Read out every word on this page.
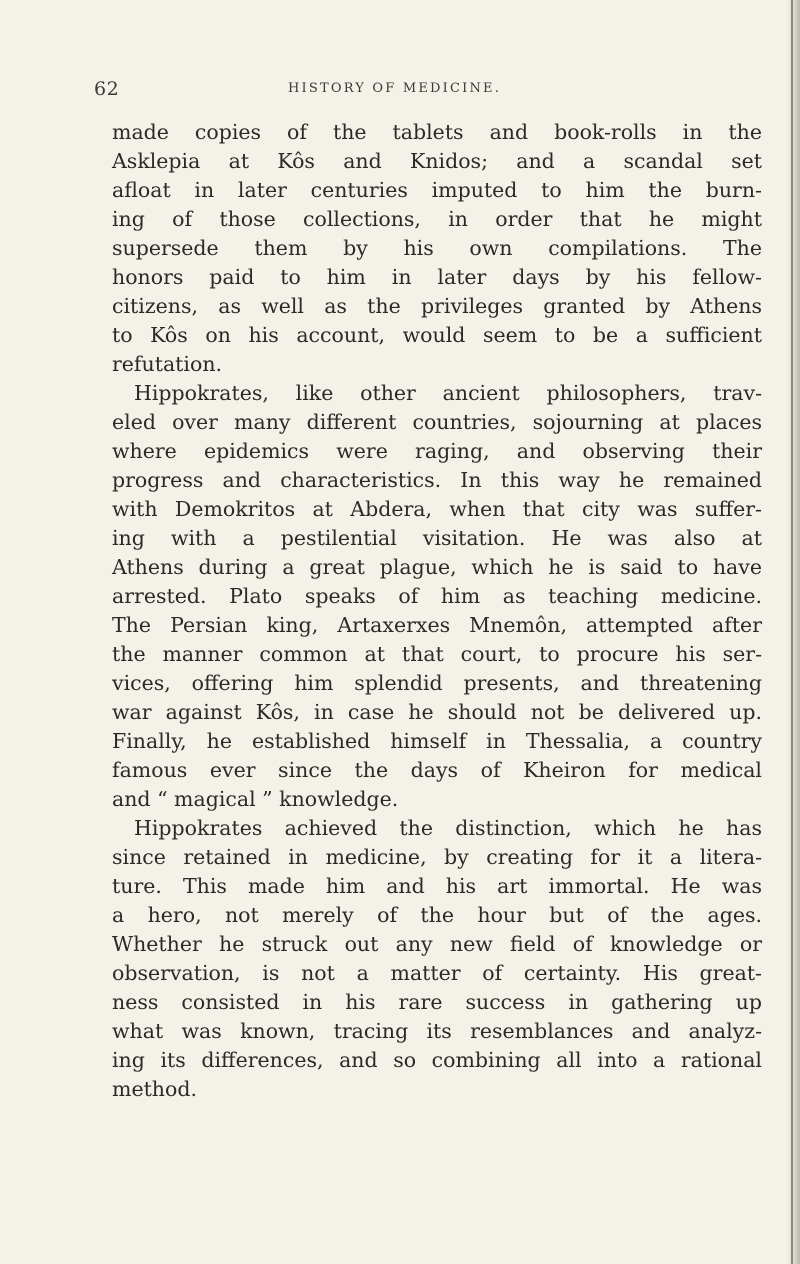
62	HISTORY OF MEDICINE.
made copies of the tablets and book-rolls in the
Asklepia at Kôs and Knidos; and a scandal set
afloat in later centuries imputed to him the burn-
ing of those collections, in order that he might
supersede them by his own compilations. The
honors paid to him in later days by his fellow-
citizens, as well as the privileges granted by Athens
to Kôs on his account, would seem to be a sufficient
refutation.
Hippokrates, like other ancient philosophers, trav-
eled over many different countries, sojourning at places
where epidemics were raging, and observing their
progress and characteristics. In this way he remained
with Demokritos at Abdera, when that city was suffer-
ing with a pestilential visitation. He was also at
Athens during a great plague, which he is said to have
arrested. Plato speaks of him as teaching medicine.
The Persian king, Artaxerxes Mnemôn, attempted after
the manner common at that court, to procure his ser-
vices, offering him splendid presents, and threatening
war against Kôs, in case he should not be delivered up.
Finally, he established himself in Thessalia, a country
famous ever since the days of Kheiron for medical
and “ magical ” knowledge.
Hippokrates achieved the distinction, which he has
since retained in medicine, by creating for it a litera-
ture. This made him and his art immortal. He was
a hero, not merely of the hour but of the ages.
Whether he struck out any new field of knowledge or
observation, is not a matter of certainty. His great-
ness consisted in his rare success in gathering up
what was known, tracing its resemblances and analyz-
ing its differences, and so combining all into a rational
method.
